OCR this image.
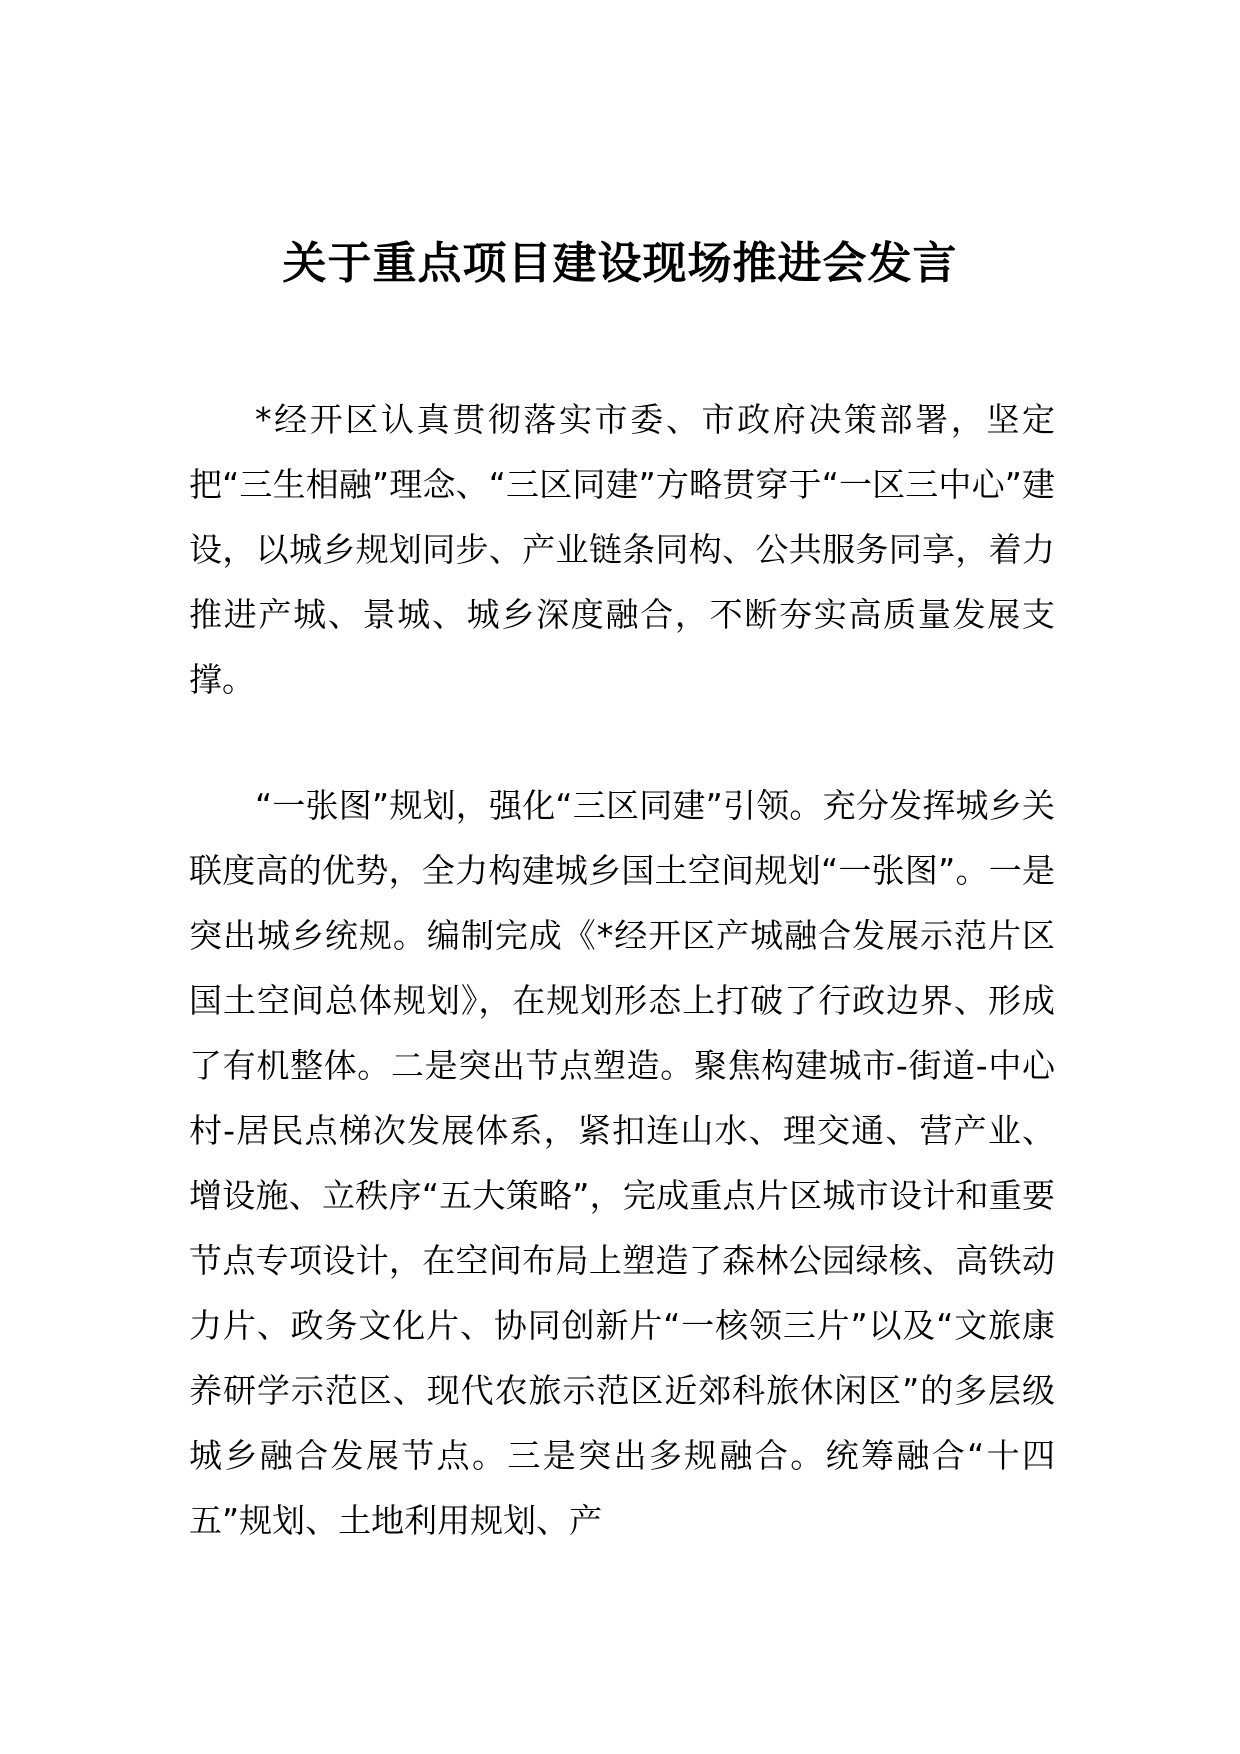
关于重点项目建设现场推进会发言

*经开区认真贯彻落实市委、市政府决策部署，坚定把“三生相融”理念、“三区同建”方略贯穿于“一区三中心”建设，以城乡规划同步、产业链条同构、公共服务同享，着力推进产城、景城、城乡深度融合，不断夯实高质量发展支撑。

“一张图”规划，强化“三区同建”引领。充分发挥城乡关联度高的优势，全力构建城乡国土空间规划“一张图”。一是突出城乡统规。编制完成《*经开区产城融合发展示范片区国土空间总体规划》，在规划形态上打破了行政边界、形成了有机整体。二是突出节点塑造。聚焦构建城市-街道-中心村-居民点梯次发展体系，紧扣连山水、理交通、营产业、增设施、立秩序“五大策略”，完成重点片区城市设计和重要节点专项设计，在空间布局上塑造了森林公园绿核、高铁动力片、政务文化片、协同创新片“一核领三片”以及“文旅康养研学示范区、现代农旅示范区近郊科旅休闲区”的多层级城乡融合发展节点。三是突出多规融合。统筹融合“十四五”规划、土地利用规划、产
